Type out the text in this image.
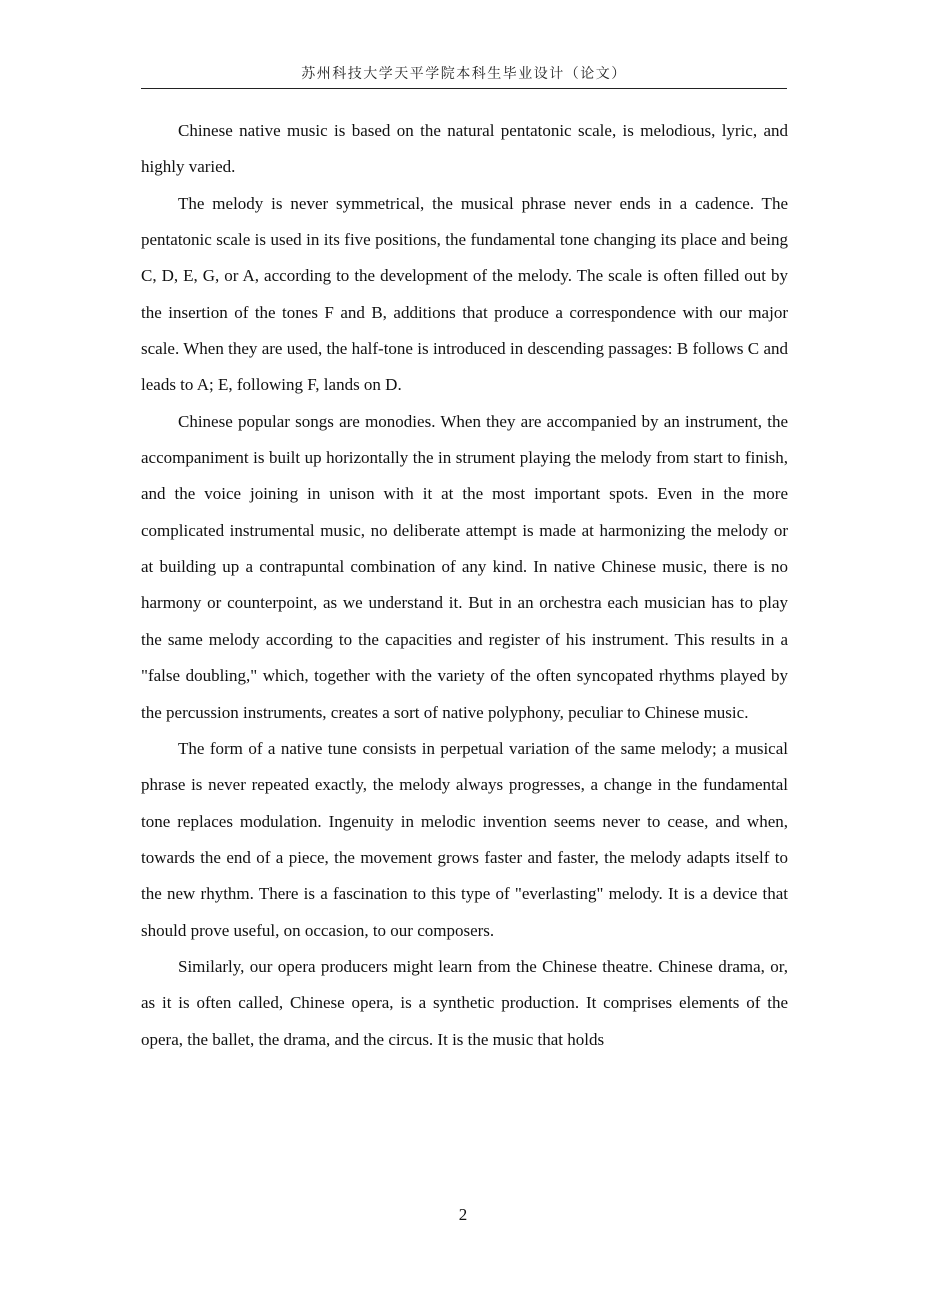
苏州科技大学天平学院本科生毕业设计（论文）

Chinese native music is based on the natural pentatonic scale, is melodious, lyric, and highly varied.

The melody is never symmetrical, the musical phrase never ends in a cadence. The pentatonic scale is used in its five positions, the fundamental tone changing its place and being C, D, E, G, or A, according to the development of the melody. The scale is often filled out by the insertion of the tones F and B, additions that produce a correspondence with our major scale. When they are used, the half-tone is introduced in descending passages: B follows C and leads to A; E, following F, lands on D.

Chinese popular songs are monodies. When they are accompanied by an instrument, the accompaniment is built up horizontally the in strument playing the melody from start to finish, and the voice joining in unison with it at the most important spots. Even in the more complicated instrumental music, no deliberate attempt is made at harmonizing the melody or at building up a contrapuntal combination of any kind. In native Chinese music, there is no harmony or counterpoint, as we understand it. But in an orchestra each musician has to play the same melody according to the capacities and register of his instrument. This results in a "false doubling," which, together with the variety of the often syncopated rhythms played by the percussion instruments, creates a sort of native polyphony, peculiar to Chinese music.

The form of a native tune consists in perpetual variation of the same melody; a musical phrase is never repeated exactly, the melody always progresses, a change in the fundamental tone replaces modulation. Ingenuity in melodic invention seems never to cease, and when, towards the end of a piece, the movement grows faster and faster, the melody adapts itself to the new rhythm. There is a fascination to this type of "everlasting" melody. It is a device that should prove useful, on occasion, to our composers.

Similarly, our opera producers might learn from the Chinese theatre. Chinese drama, or, as it is often called, Chinese opera, is a synthetic production. It comprises elements of the opera, the ballet, the drama, and the circus. It is the music that holds

2
